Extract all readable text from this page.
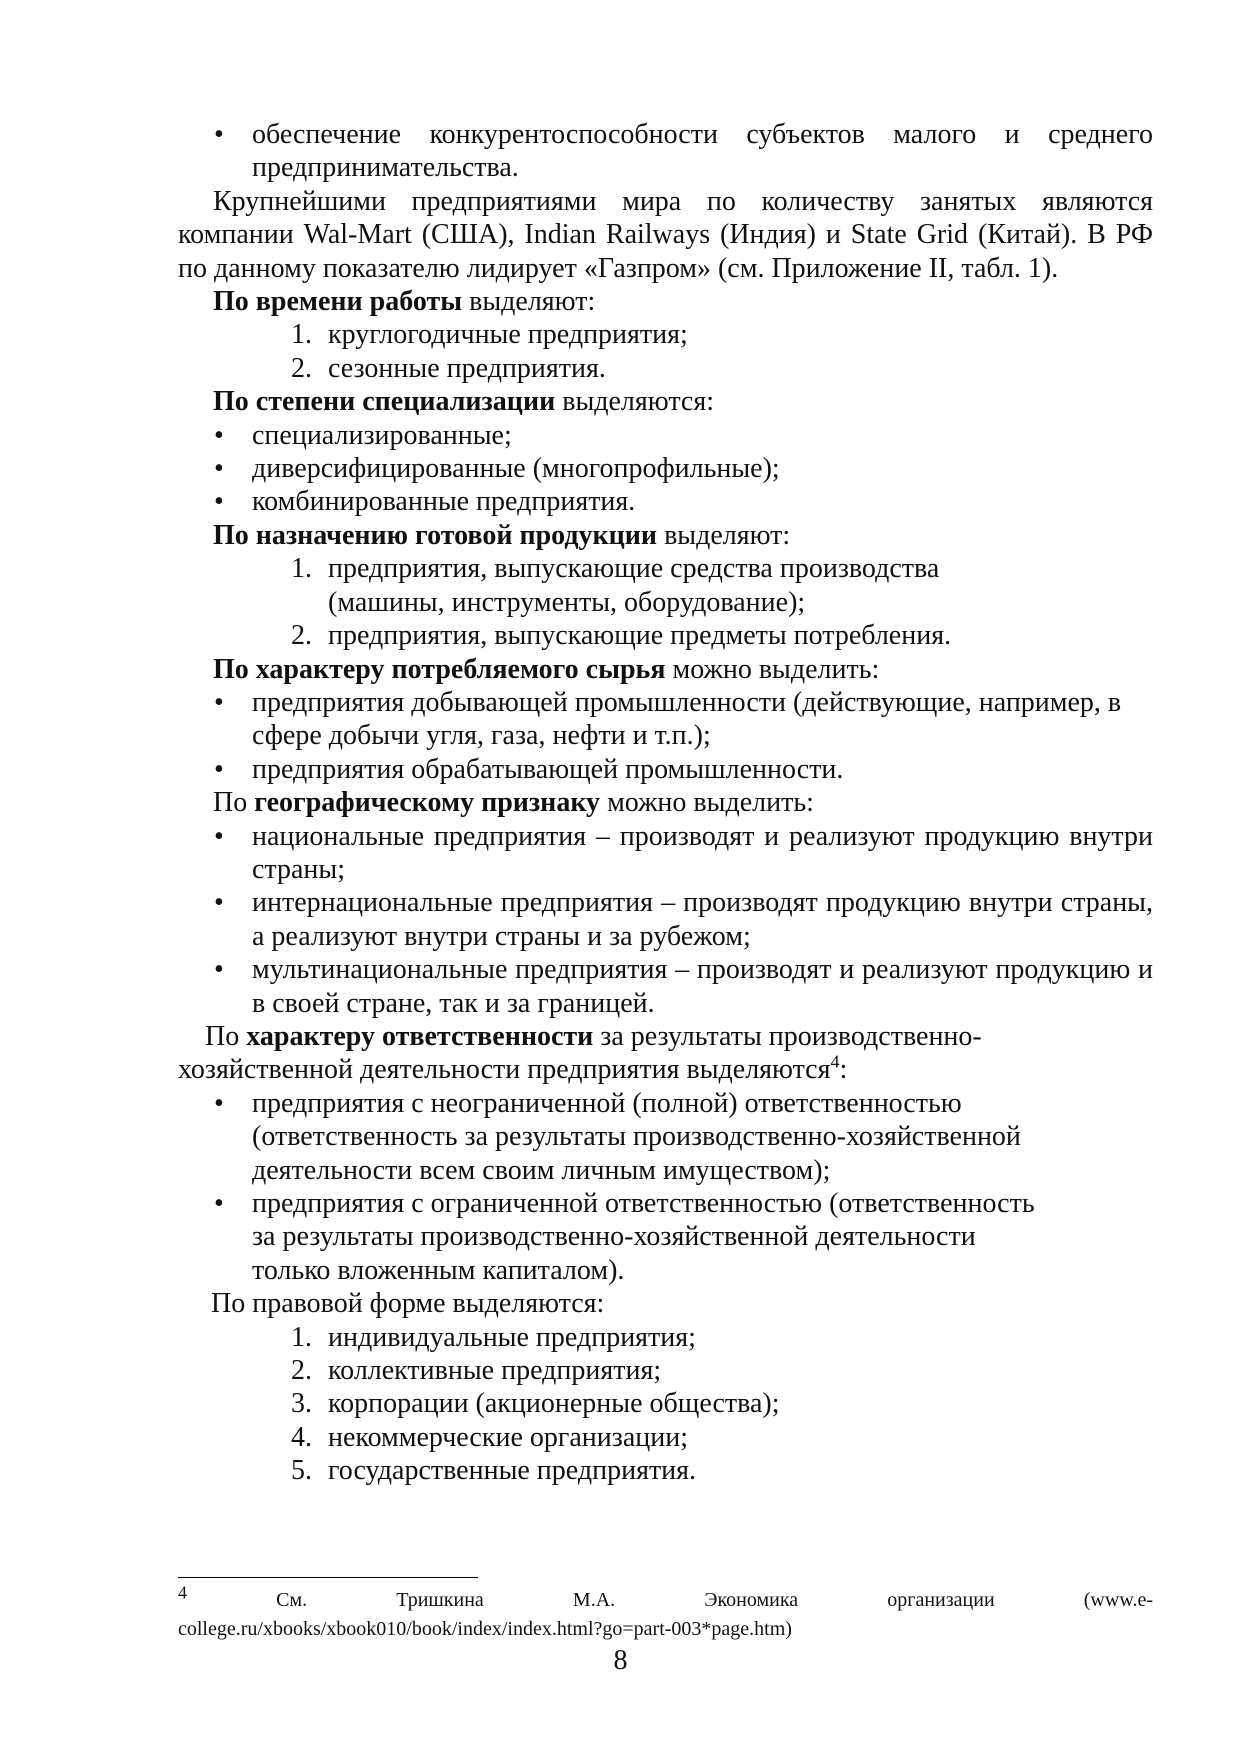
• обеспечение конкурентоспособности субъектов малого и среднего предпринимательства.

Крупнейшими предприятиями мира по количеству занятых являются

компании Wal-Mart (США), Indian Railways (Индия) и State Grid (Китай). В РФ

по данному показателю лидирует «Газпром» (см. Приложение II, табл. 1).

По времени работы выделяют:

1. круглогодичные предприятия;
2. сезонные предприятия.

По степени специализации выделяются:

• специализированные;
• диверсифицированные (многопрофильные);
• комбинированные предприятия.

По назначению готовой продукции выделяют:

1. предприятия, выпускающие средства производства (машины, инструменты, оборудование);
2. предприятия, выпускающие предметы потребления.

По характеру потребляемого сырья можно выделить:

• предприятия добывающей промышленности (действующие, например, в сфере добычи угля, газа, нефти и т.п.);
• предприятия обрабатывающей промышленности.

По географическому признаку можно выделить:

• национальные предприятия – производят и реализуют продукцию внутри страны;
• интернациональные предприятия – производят продукцию внутри страны, а реализуют внутри страны и за рубежом;
• мультинациональные предприятия – производят и реализуют продукцию и в своей стране, так и за границей.

По характеру ответственности за результаты производственно-

хозяйственной деятельности предприятия выделяются$^4$:

• предприятия с неограниченной (полной) ответственностью (ответственность за результаты производственно-хозяйственной деятельности всем своим личным имуществом);
• предприятия с ограниченной ответственностью (ответственность за результаты производственно-хозяйственной деятельности только вложенным капиталом).

По правовой форме выделяются:

1. индивидуальные предприятия;
2. коллективные предприятия;
3. корпорации (акционерные общества);
4. некоммерческие организации;
5. государственные предприятия.
$^4$	См. Тришкина М.А. Экономика организации (www.e-
college.ru/xbooks/xbook010/book/index/index.html?go=part-003*page.htm)
8
